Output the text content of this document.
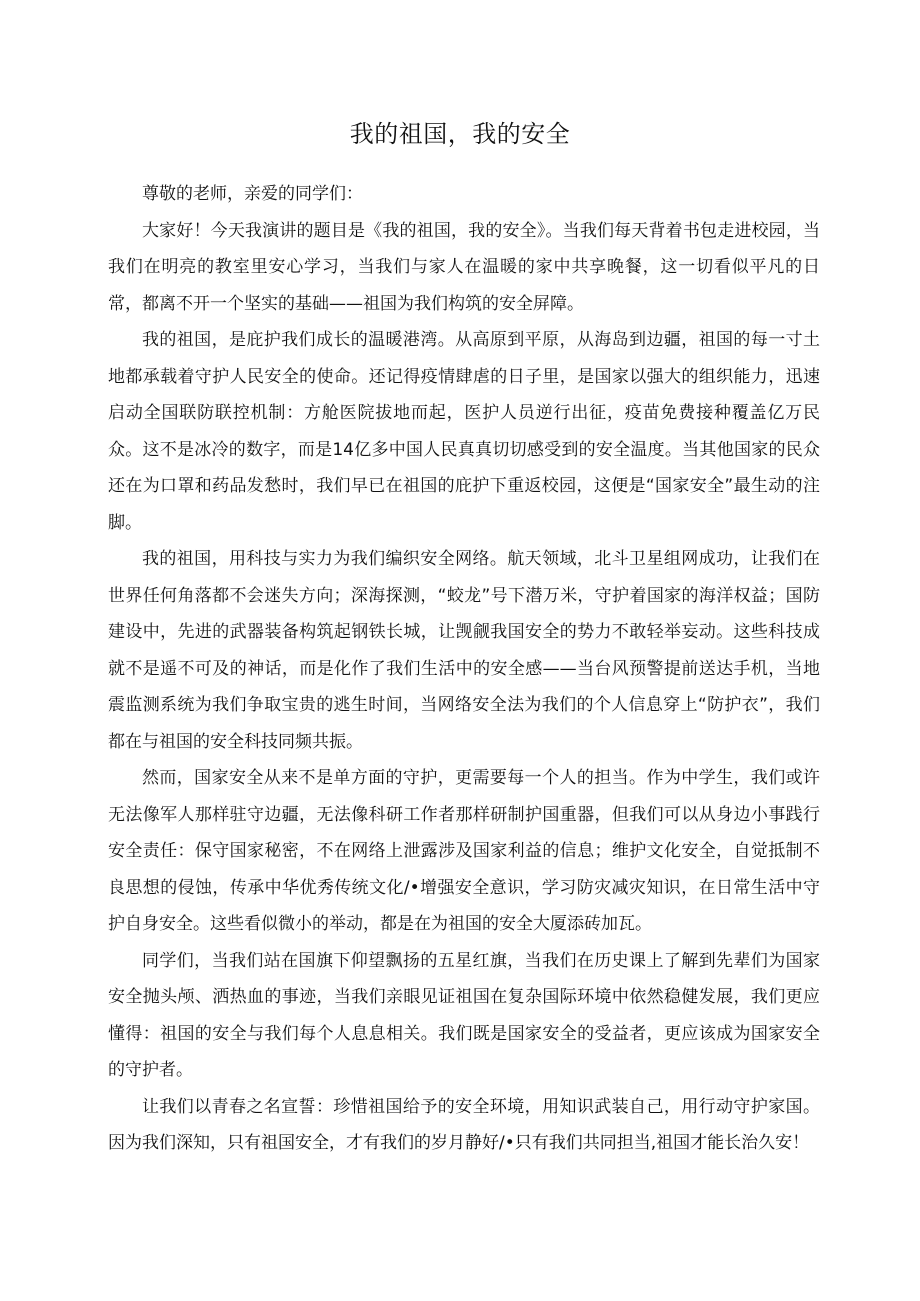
我的祖国，我的安全

尊敬的老师，亲爱的同学们：

大家好！今天我演讲的题目是《我的祖国，我的安全》。当我们每天背着书包走进校园，当我们在明亮的教室里安心学习，当我们与家人在温暖的家中共享晚餐，这一切看似平凡的日常，都离不开一个坚实的基础——祖国为我们构筑的安全屏障。

我的祖国，是庇护我们成长的温暖港湾。从高原到平原，从海岛到边疆，祖国的每一寸土地都承载着守护人民安全的使命。还记得疫情肆虐的日子里，是国家以强大的组织能力，迅速启动全国联防联控机制：方舱医院拔地而起，医护人员逆行出征，疫苗免费接种覆盖亿万民众。这不是冰冷的数字，而是14亿多中国人民真真切切感受到的安全温度。当其他国家的民众还在为口罩和药品发愁时，我们早已在祖国的庇护下重返校园，这便是“国家安全”最生动的注脚。

我的祖国，用科技与实力为我们编织安全网络。航天领域，北斗卫星组网成功，让我们在世界任何角落都不会迷失方向；深海探测，“蛟龙”号下潜万米，守护着国家的海洋权益；国防建设中，先进的武器装备构筑起钢铁长城，让觊觎我国安全的势力不敢轻举妄动。这些科技成就不是遥不可及的神话，而是化作了我们生活中的安全感——当台风预警提前送达手机，当地震监测系统为我们争取宝贵的逃生时间，当网络安全法为我们的个人信息穿上“防护衣”，我们都在与祖国的安全科技同频共振。

然而，国家安全从来不是单方面的守护，更需要每一个人的担当。作为中学生，我们或许无法像军人那样驻守边疆，无法像科研工作者那样研制护国重器，但我们可以从身边小事践行安全责任：保守国家秘密，不在网络上泄露涉及国家利益的信息；维护文化安全，自觉抵制不良思想的侵蚀，传承中华优秀传统文化/•增强安全意识，学习防灾减灾知识，在日常生活中守护自身安全。这些看似微小的举动，都是在为祖国的安全大厦添砖加瓦。

同学们，当我们站在国旗下仰望飘扬的五星红旗，当我们在历史课上了解到先辈们为国家安全抛头颅、洒热血的事迹，当我们亲眼见证祖国在复杂国际环境中依然稳健发展，我们更应懂得：祖国的安全与我们每个人息息相关。我们既是国家安全的受益者，更应该成为国家安全的守护者。

让我们以青春之名宣誓：珍惜祖国给予的安全环境，用知识武装自己，用行动守护家国。因为我们深知，只有祖国安全，才有我们的岁月静好/•只有我们共同担当,祖国才能长治久安！
